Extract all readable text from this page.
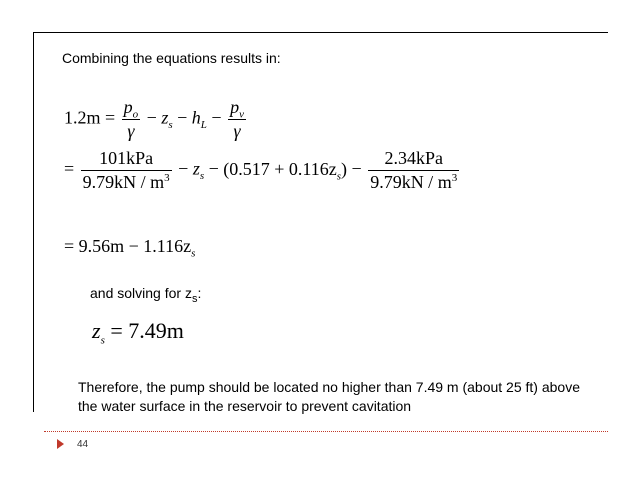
Combining the equations results in:
$1.2m = \frac{p_o}{\gamma} - z_s - h_L - \frac{p_v}{\gamma}$
= $\frac{\text{101kPa}}{9.79kN / m^3} - z_s - (0.517 + 0.116z_s) - \frac{\text{2.34kPa}}{9.79kN / m^3}$
= $9.56m - 1.116z_s$
and solving for $z_s$:
$z_s = 7.49m$
Therefore, the pump should be located no higher than 7.49 m (about 25 ft) above the water surface in the reservoir to prevent cavitation
44
